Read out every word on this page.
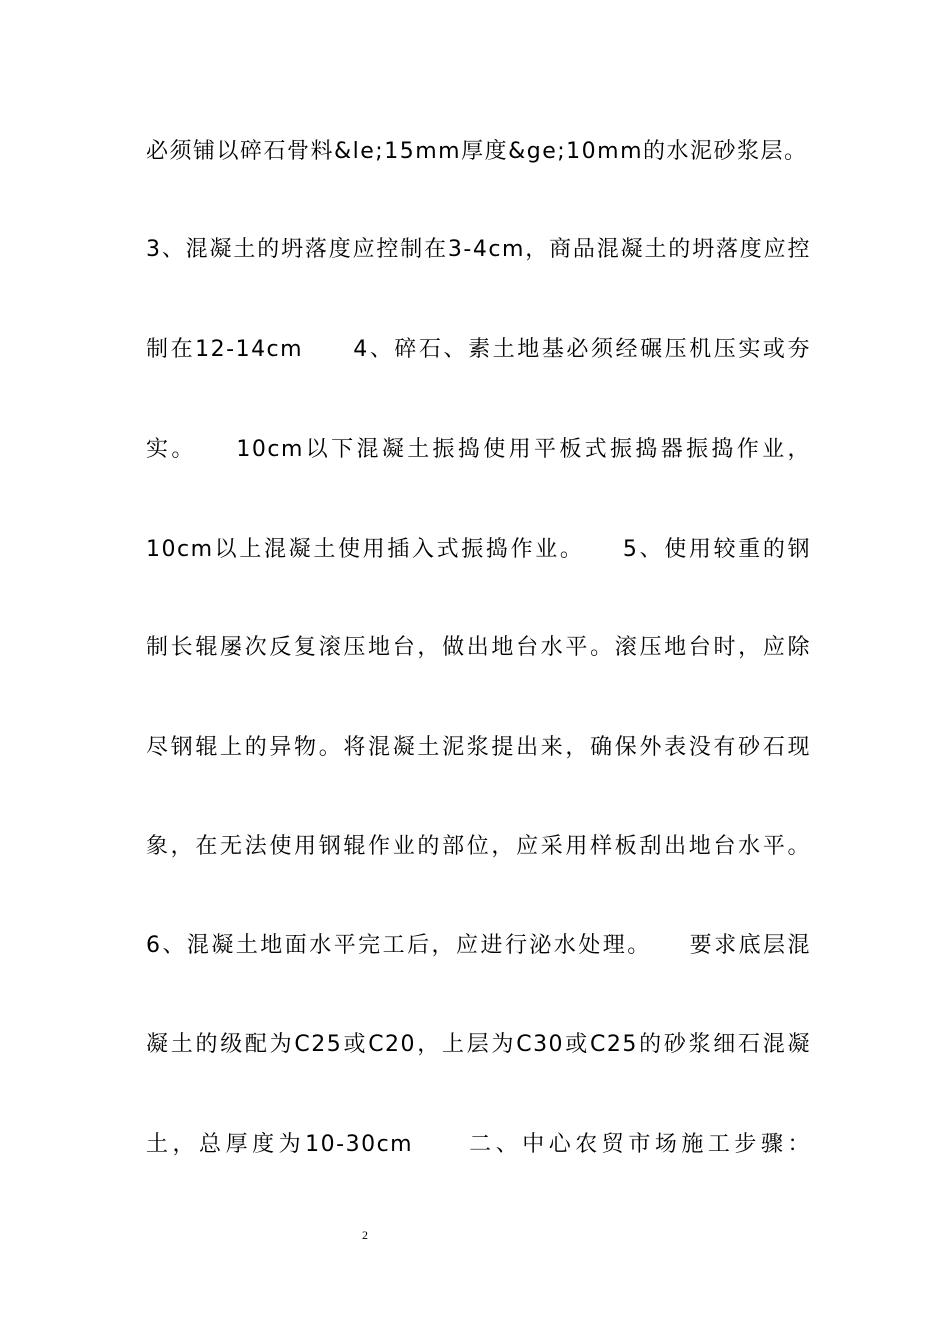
必须铺以碎石骨料&le;15mm厚度&ge;10mm的水泥砂浆层。
3、混凝土的坍落度应控制在3-4cm，商品混凝土的坍落度应控
制在12-14cm　　4、碎石、素土地基必须经碾压机压实或夯
实。　　10cm以下混凝土振捣使用平板式振捣器振捣作业，
10cm以上混凝土使用插入式振捣作业。　　5、使用较重的钢
制长辊屡次反复滚压地台，做出地台水平。滚压地台时，应除
尽钢辊上的异物。将混凝土泥浆提出来，确保外表没有砂石现
象，在无法使用钢辊作业的部位，应采用样板刮出地台水平。
6、混凝土地面水平完工后，应进行泌水处理。　　要求底层混
凝土的级配为C25或C20，上层为C30或C25的砂浆细石混凝
土，总厚度为10-30cm　　二、中心农贸市场施工步骤：
2
